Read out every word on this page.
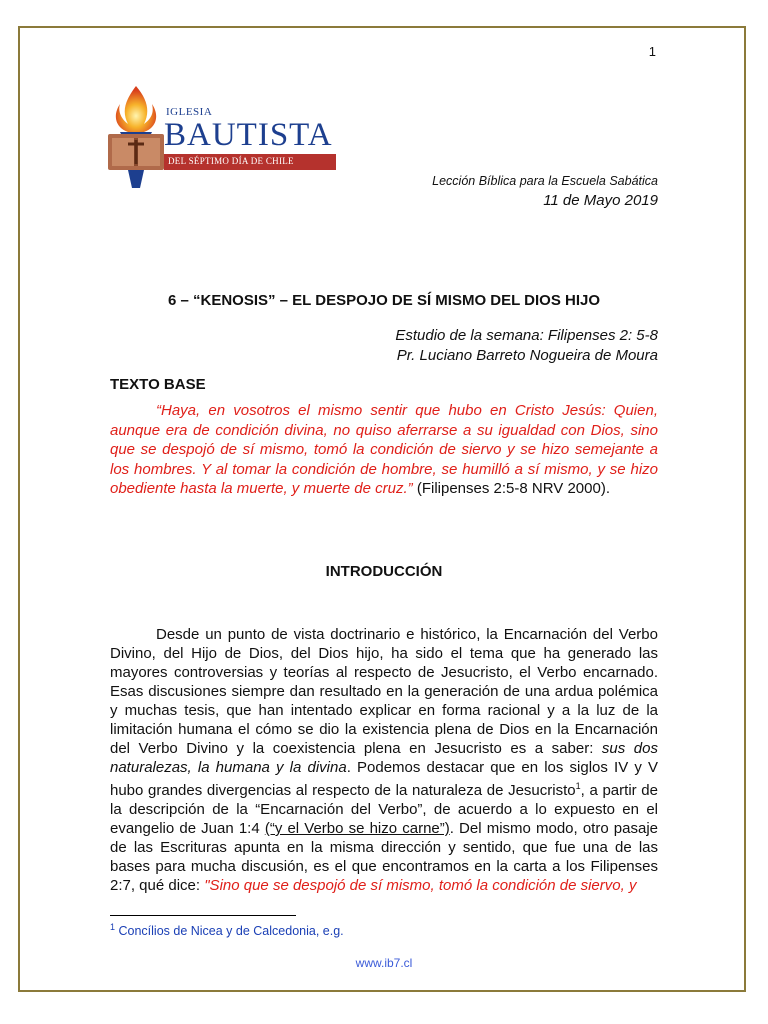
1
IGLESIA
BAUTISTA
DEL SÉPTIMO DÍA DE CHILE
Lección Bíblica para la Escuela Sabática
11 de Mayo 2019
6 – “KENOSIS” – EL DESPOJO DE SÍ MISMO DEL DIOS HIJO
Estudio de la semana: Filipenses 2: 5-8
Pr. Luciano Barreto Nogueira de Moura
TEXTO BASE
“Haya, en vosotros el mismo sentir que hubo en Cristo Jesús: Quien, aunque era de condición divina, no quiso aferrarse a su igualdad con Dios, sino que se despojó de sí mismo, tomó la condición de siervo y se hizo semejante a los hombres. Y al tomar la condición de hombre, se humilló a sí mismo, y se hizo obediente hasta la muerte, y muerte de cruz.” (Filipenses 2:5-8 NRV 2000).
INTRODUCCIÓN
Desde un punto de vista doctrinario e histórico, la Encarnación del Verbo Divino, del Hijo de Dios, del Dios hijo, ha sido el tema que ha generado las mayores controversias y teorías al respecto de Jesucristo, el Verbo encarnado. Esas discusiones siempre dan resultado en la generación de una ardua polémica y muchas tesis, que han intentado explicar en forma racional y a la luz de la limitación humana el cómo se dio la existencia plena de Dios en la Encarnación del Verbo Divino y la coexistencia plena en Jesucristo es a saber: sus dos naturalezas, la humana y la divina. Podemos destacar que en los siglos IV y V hubo grandes divergencias al respecto de la naturaleza de Jesucristo$^1$, a partir de la descripción de la “Encarnación del Verbo”, de acuerdo a lo expuesto en el evangelio de Juan 1:4 (“y el Verbo se hizo carne”). Del mismo modo, otro pasaje de las Escrituras apunta en la misma dirección y sentido, que fue una de las bases para mucha discusión, es el que encontramos en la carta a los Filipenses 2:7, qué dice: "Sino que se despojó de sí mismo, tomó la condición de siervo, y
$^1$ Concílios de Nicea y de Calcedonia, e.g.
www.ib7.cl
